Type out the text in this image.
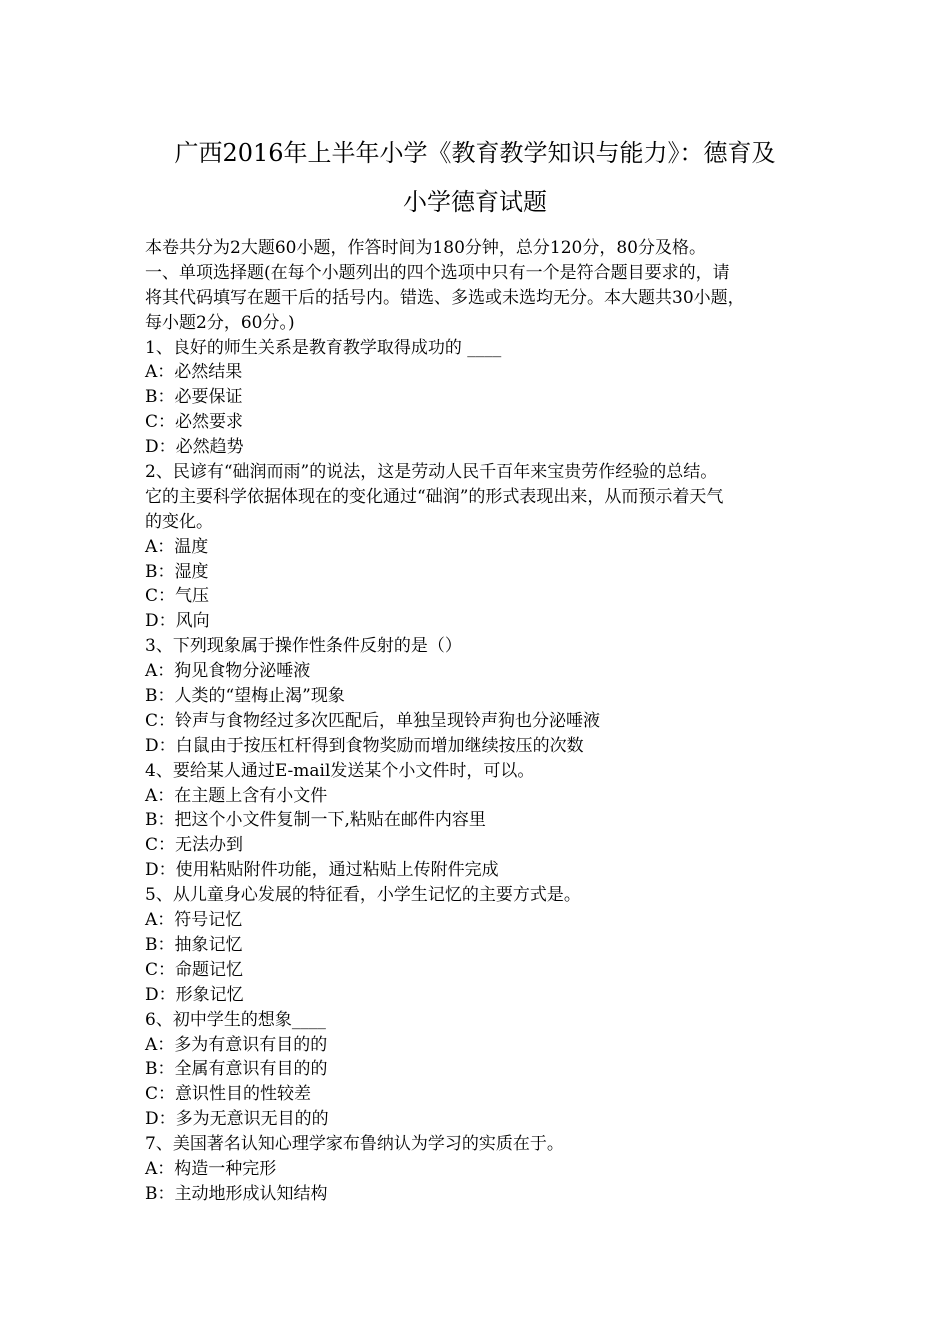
广西2016年上半年小学《教育教学知识与能力》：德育及
小学德育试题
本卷共分为2大题60小题，作答时间为180分钟，总分120分，80分及格。
一、单项选择题(在每个小题列出的四个选项中只有一个是符合题目要求的，请
将其代码填写在题干后的括号内。错选、多选或未选均无分。本大题共30小题，
每小题2分，60分。)
1、良好的师生关系是教育教学取得成功的 ____
A：必然结果
B：必要保证
C：必然要求
D：必然趋势
2、民谚有“础润而雨”的说法，这是劳动人民千百年来宝贵劳作经验的总结。
它的主要科学依据体现在的变化通过“础润”的形式表现出来，从而预示着天气
的变化。
A：温度
B：湿度
C：气压
D：风向
3、下列现象属于操作性条件反射的是（）
A：狗见食物分泌唾液
B：人类的“望梅止渴”现象
C：铃声与食物经过多次匹配后，单独呈现铃声狗也分泌唾液
D：白鼠由于按压杠杆得到食物奖励而增加继续按压的次数
4、要给某人通过E-mail发送某个小文件时，可以。
A：在主题上含有小文件
B：把这个小文件复制一下,粘贴在邮件内容里
C：无法办到
D：使用粘贴附件功能，通过粘贴上传附件完成
5、从儿童身心发展的特征看，小学生记忆的主要方式是。
A：符号记忆
B：抽象记忆
C：命题记忆
D：形象记忆
6、初中学生的想象____
A：多为有意识有目的的
B：全属有意识有目的的
C：意识性目的性较差
D：多为无意识无目的的
7、美国著名认知心理学家布鲁纳认为学习的实质在于。
A：构造一种完形
B：主动地形成认知结构
